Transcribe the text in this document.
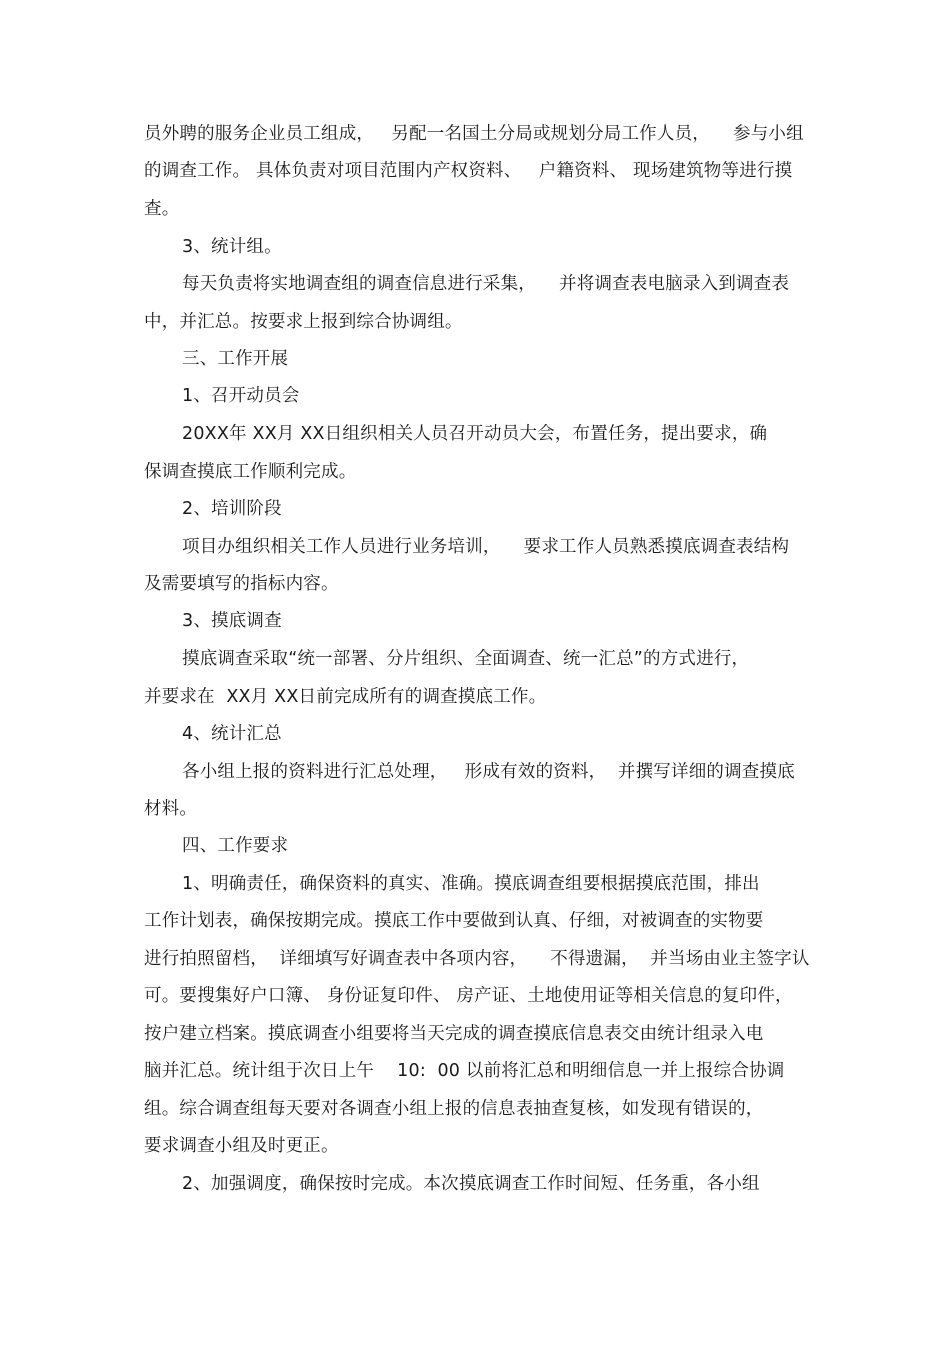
员外聘的服务企业员工组成，   另配一名国土分局或规划分局工作人员，    参与小组
的调查工作。 具体负责对项目范围内产权资料、   户籍资料、 现场建筑物等进行摸
查。
3、统计组。
每天负责将实地调查组的调查信息进行采集，    并将调查表电脑录入到调查表
中，并汇总。按要求上报到综合协调组。
三、工作开展
1、召开动员会
20XX年 XX月 XX日组织相关人员召开动员大会，布置任务，提出要求，确
保调查摸底工作顺利完成。
2、培训阶段
项目办组织相关工作人员进行业务培训，    要求工作人员熟悉摸底调查表结构
及需要填写的指标内容。
3、摸底调查
摸底调查采取“统一部署、分片组织、全面调查、统一汇总”的方式进行，
并要求在  XX月 XX日前完成所有的调查摸底工作。
4、统计汇总
各小组上报的资料进行汇总处理，   形成有效的资料，  并撰写详细的调查摸底
材料。
四、工作要求
1、明确责任，确保资料的真实、准确。摸底调查组要根据摸底范围，排出
工作计划表，确保按期完成。摸底工作中要做到认真、仔细，对被调查的实物要
进行拍照留档，  详细填写好调查表中各项内容，    不得遗漏，  并当场由业主签字认
可。要搜集好户口簿、 身份证复印件、 房产证、土地使用证等相关信息的复印件，
按户建立档案。摸底调查小组要将当天完成的调查摸底信息表交由统计组录入电
脑并汇总。统计组于次日上午    10:  00 以前将汇总和明细信息一并上报综合协调
组。综合调查组每天要对各调查小组上报的信息表抽查复核，如发现有错误的，
要求调查小组及时更正。
2、加强调度，确保按时完成。本次摸底调查工作时间短、任务重，各小组
